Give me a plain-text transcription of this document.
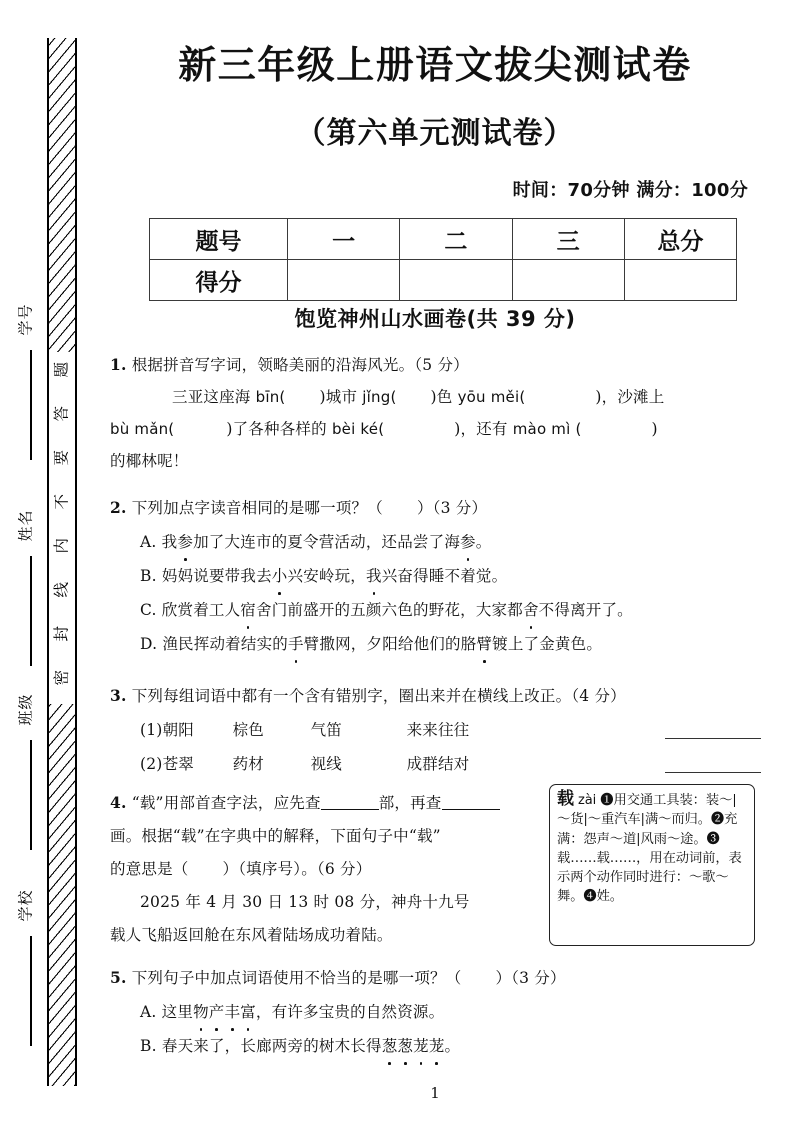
题
答
要
不
内
线
封
密
学号
姓名
班级
学校
新三年级上册语文拔尖测试卷
（第六单元测试卷）
时间：70分钟 满分：100分
题号	一	二	三	总分
得分				
饱览神州山水画卷(共 39 分)
1. 根据拼音写字词，领略美丽的沿海风光。（5 分）
三亚这座海 bīn( )城市 jǐng( )色 yōu měi(	)，沙滩上
bù mǎn(	)了各种各样的 bèi ké(	)，还有 mào mì (	)
的椰林呢！
2. 下列加点字读音相同的是哪一项？（ ）（3 分）
A. 我参加了大连市的夏令营活动，还品尝了海参。
B. 妈妈说要带我去小兴安岭玩，我兴奋得睡不着觉。
C. 欣赏着工人宿舍门前盛开的五颜六色的野花，大家都舍不得离开了。
D. 渔民挥动着结实的手臂撒网，夕阳给他们的胳臂镀上了金黄色。
3. 下列每组词语中都有一个含有错别字，圈出来并在横线上改正。（4 分）
(1)朝阳 棕色	气笛	来来往往
(2)苍翠 药材	视线	成群结对
4. “载”用部首查字法，应先查	部，再查
画。根据“载”在字典中的解释，下面句子中“载”
的意思是（ ）（填序号）。（6 分）
2025 年 4 月 30 日 13 时 08 分，神舟十九号
载人飞船返回舱在东风着陆场成功着陆。
载 zài ❶用交通工具装：装～|～货|～重汽车|满～而归。❷充满：怨声～道|风雨～途。❸载……载……，用在动词前，表示两个动作同时进行：～歌～舞。❹姓。
5. 下列句子中加点词语使用不恰当的是哪一项？（ ）（3 分）
A. 这里物产丰富，有许多宝贵的自然资源。
B. 春天来了，长廊两旁的树木长得葱葱茏茏。
1
